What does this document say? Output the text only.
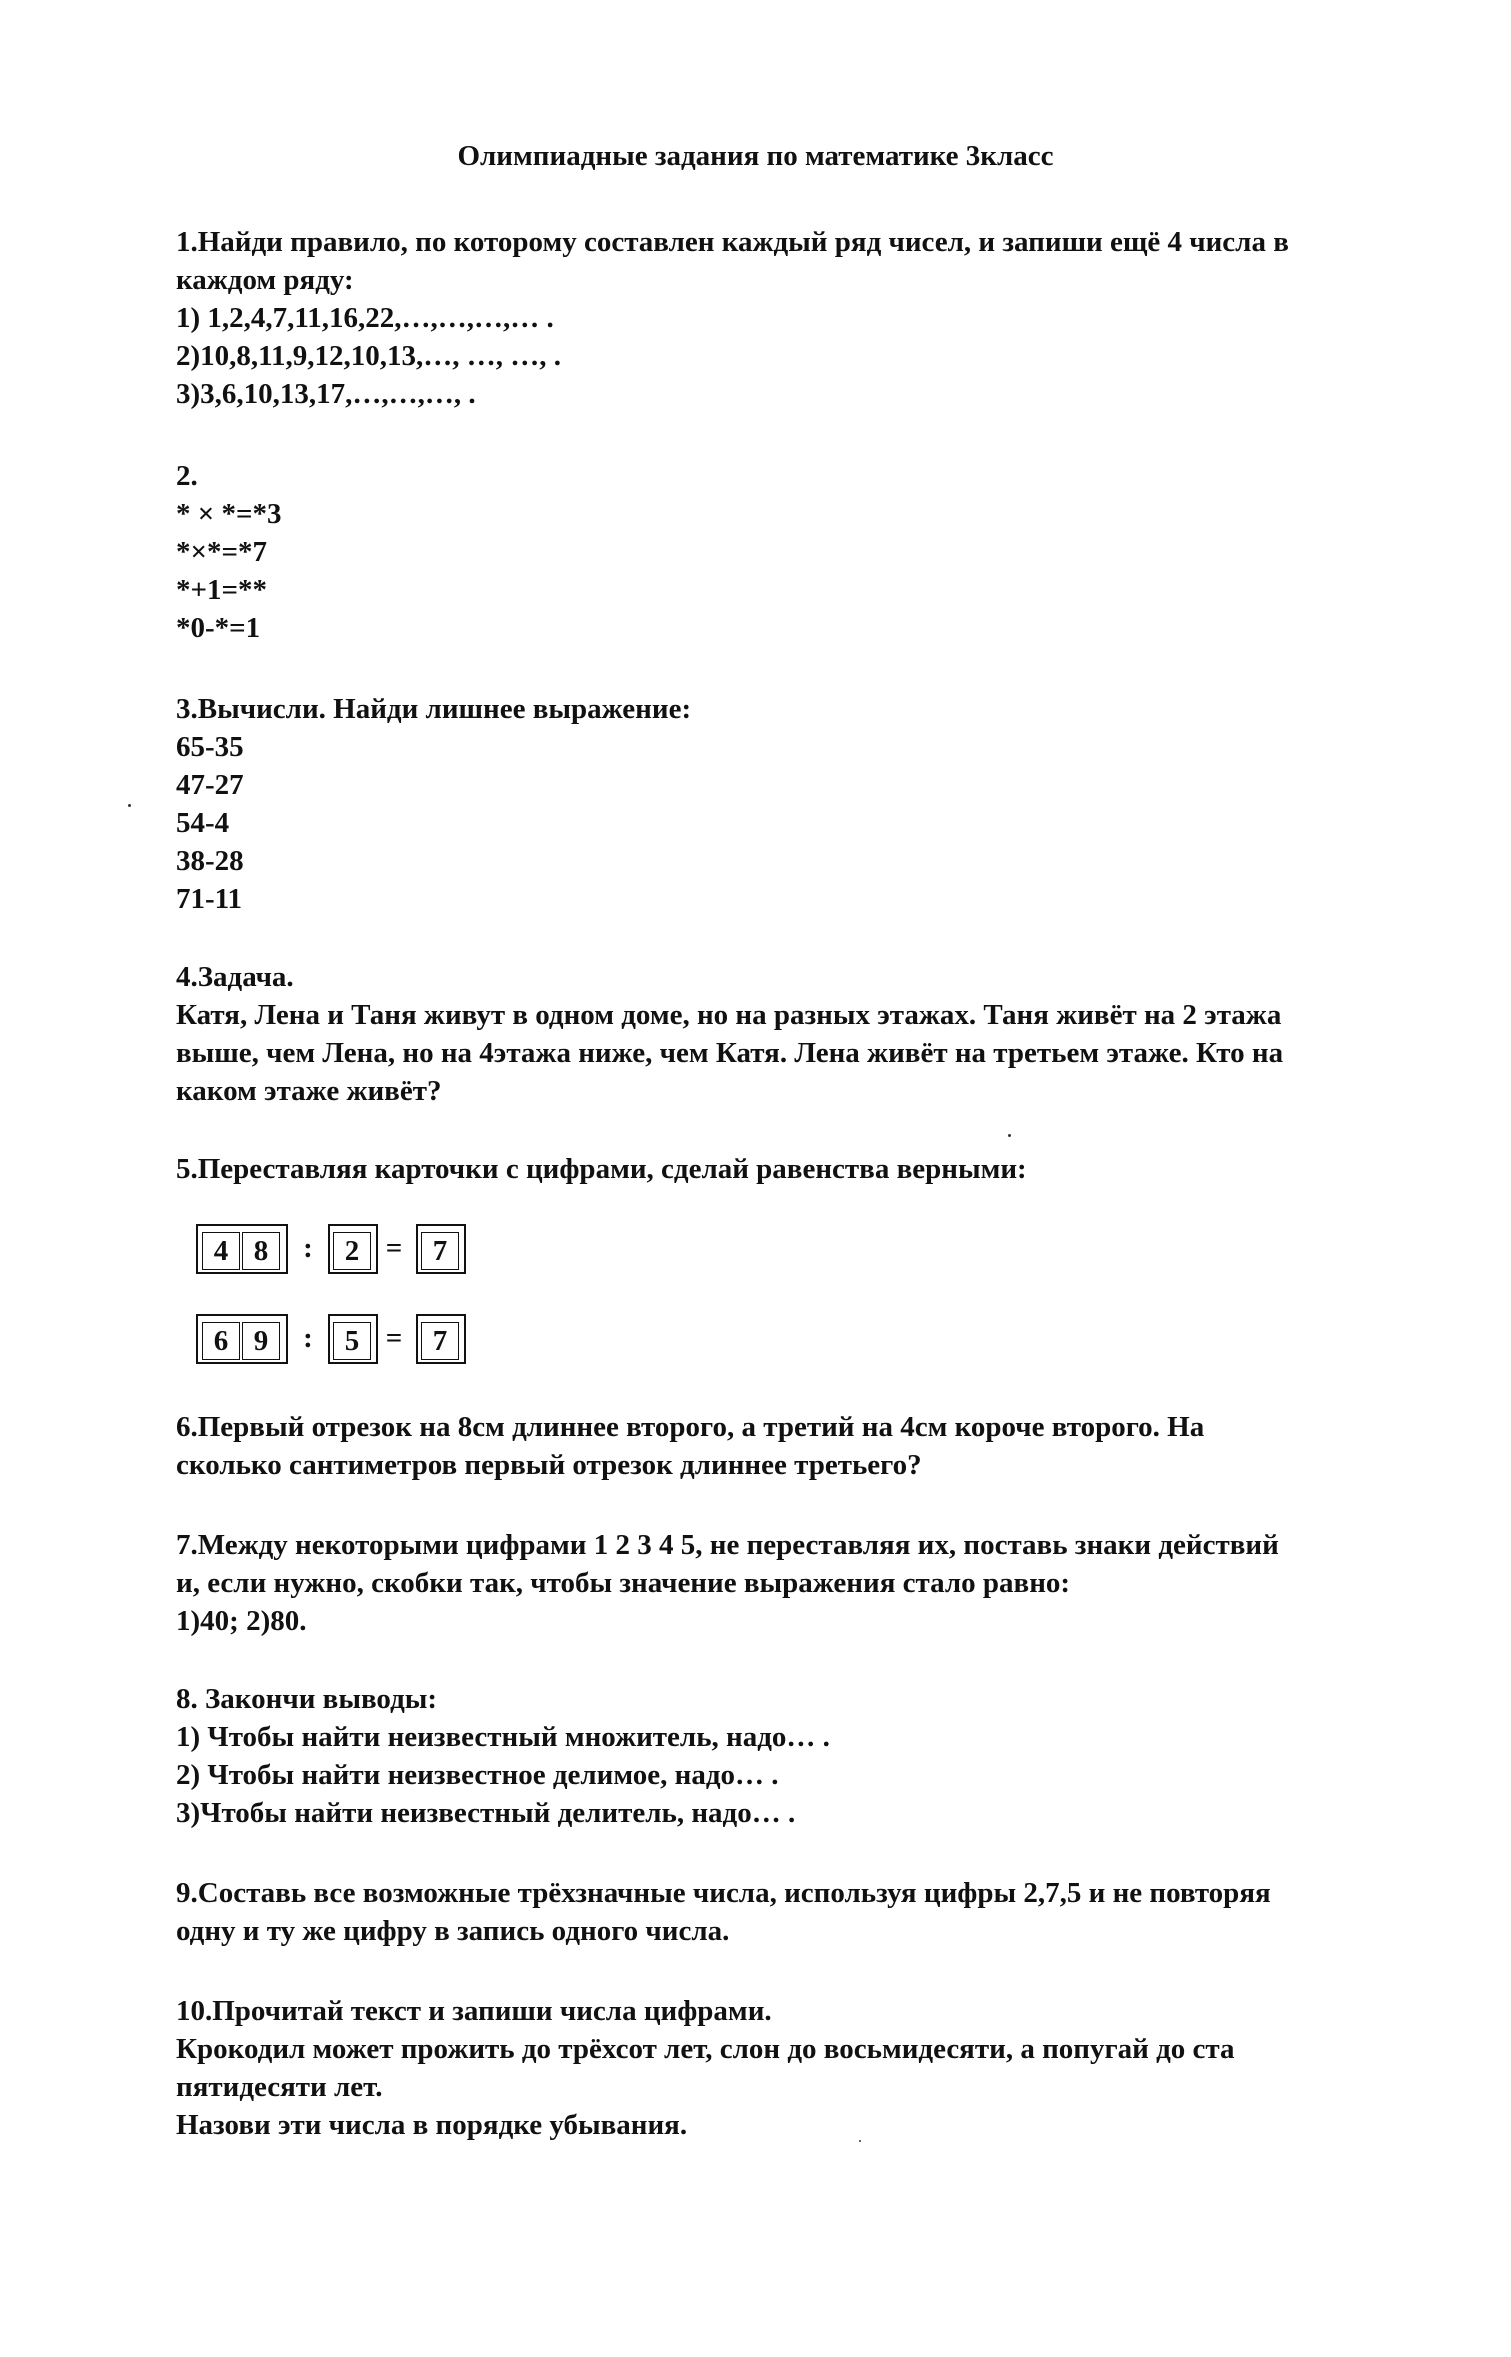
Олимпиадные задания по математике 3класс
1.Найди правило, по которому составлен каждый ряд чисел, и запиши ещё 4 числа в
каждом ряду:
1) 1,2,4,7,11,16,22,…,…,…,… .
2)10,8,11,9,12,10,13,…, …, …, .
3)3,6,10,13,17,…,…,…, .
2.
* × *=*3
*×*=*7
*+1=**
*0-*=1
3.Вычисли. Найди лишнее выражение:
65-35
47-27
54-4
38-28
71-11
4.Задача.
Катя, Лена и Таня живут в одном доме, но на разных этажах. Таня живёт на 2 этажа
выше, чем Лена, но на 4этажа ниже, чем Катя. Лена живёт на третьем этаже. Кто на
каком этаже живёт?
5.Переставляя карточки с цифрами, сделай равенства верными:
4 8	:	2 =	7
6 9	:	5 =	7
6.Первый отрезок на 8см длиннее второго, а третий на 4см короче второго. На
сколько сантиметров первый отрезок длиннее третьего?
7.Между некоторыми цифрами 1 2 3 4 5, не переставляя их, поставь знаки действий
и, если нужно, скобки так, чтобы значение выражения стало равно:
1)40; 2)80.
8. Закончи выводы:
1) Чтобы найти неизвестный множитель, надо… .
2) Чтобы найти неизвестное делимое, надо… .
3)Чтобы найти неизвестный делитель, надо… .
9.Составь все возможные трёхзначные числа, используя цифры 2,7,5 и не повторяя
одну и ту же цифру в запись одного числа.
10.Прочитай текст и запиши числа цифрами.
Крокодил может прожить до трёхсот лет, слон до восьмидесяти, а попугай до ста
пятидесяти лет.
Назови эти числа в порядке убывания.
